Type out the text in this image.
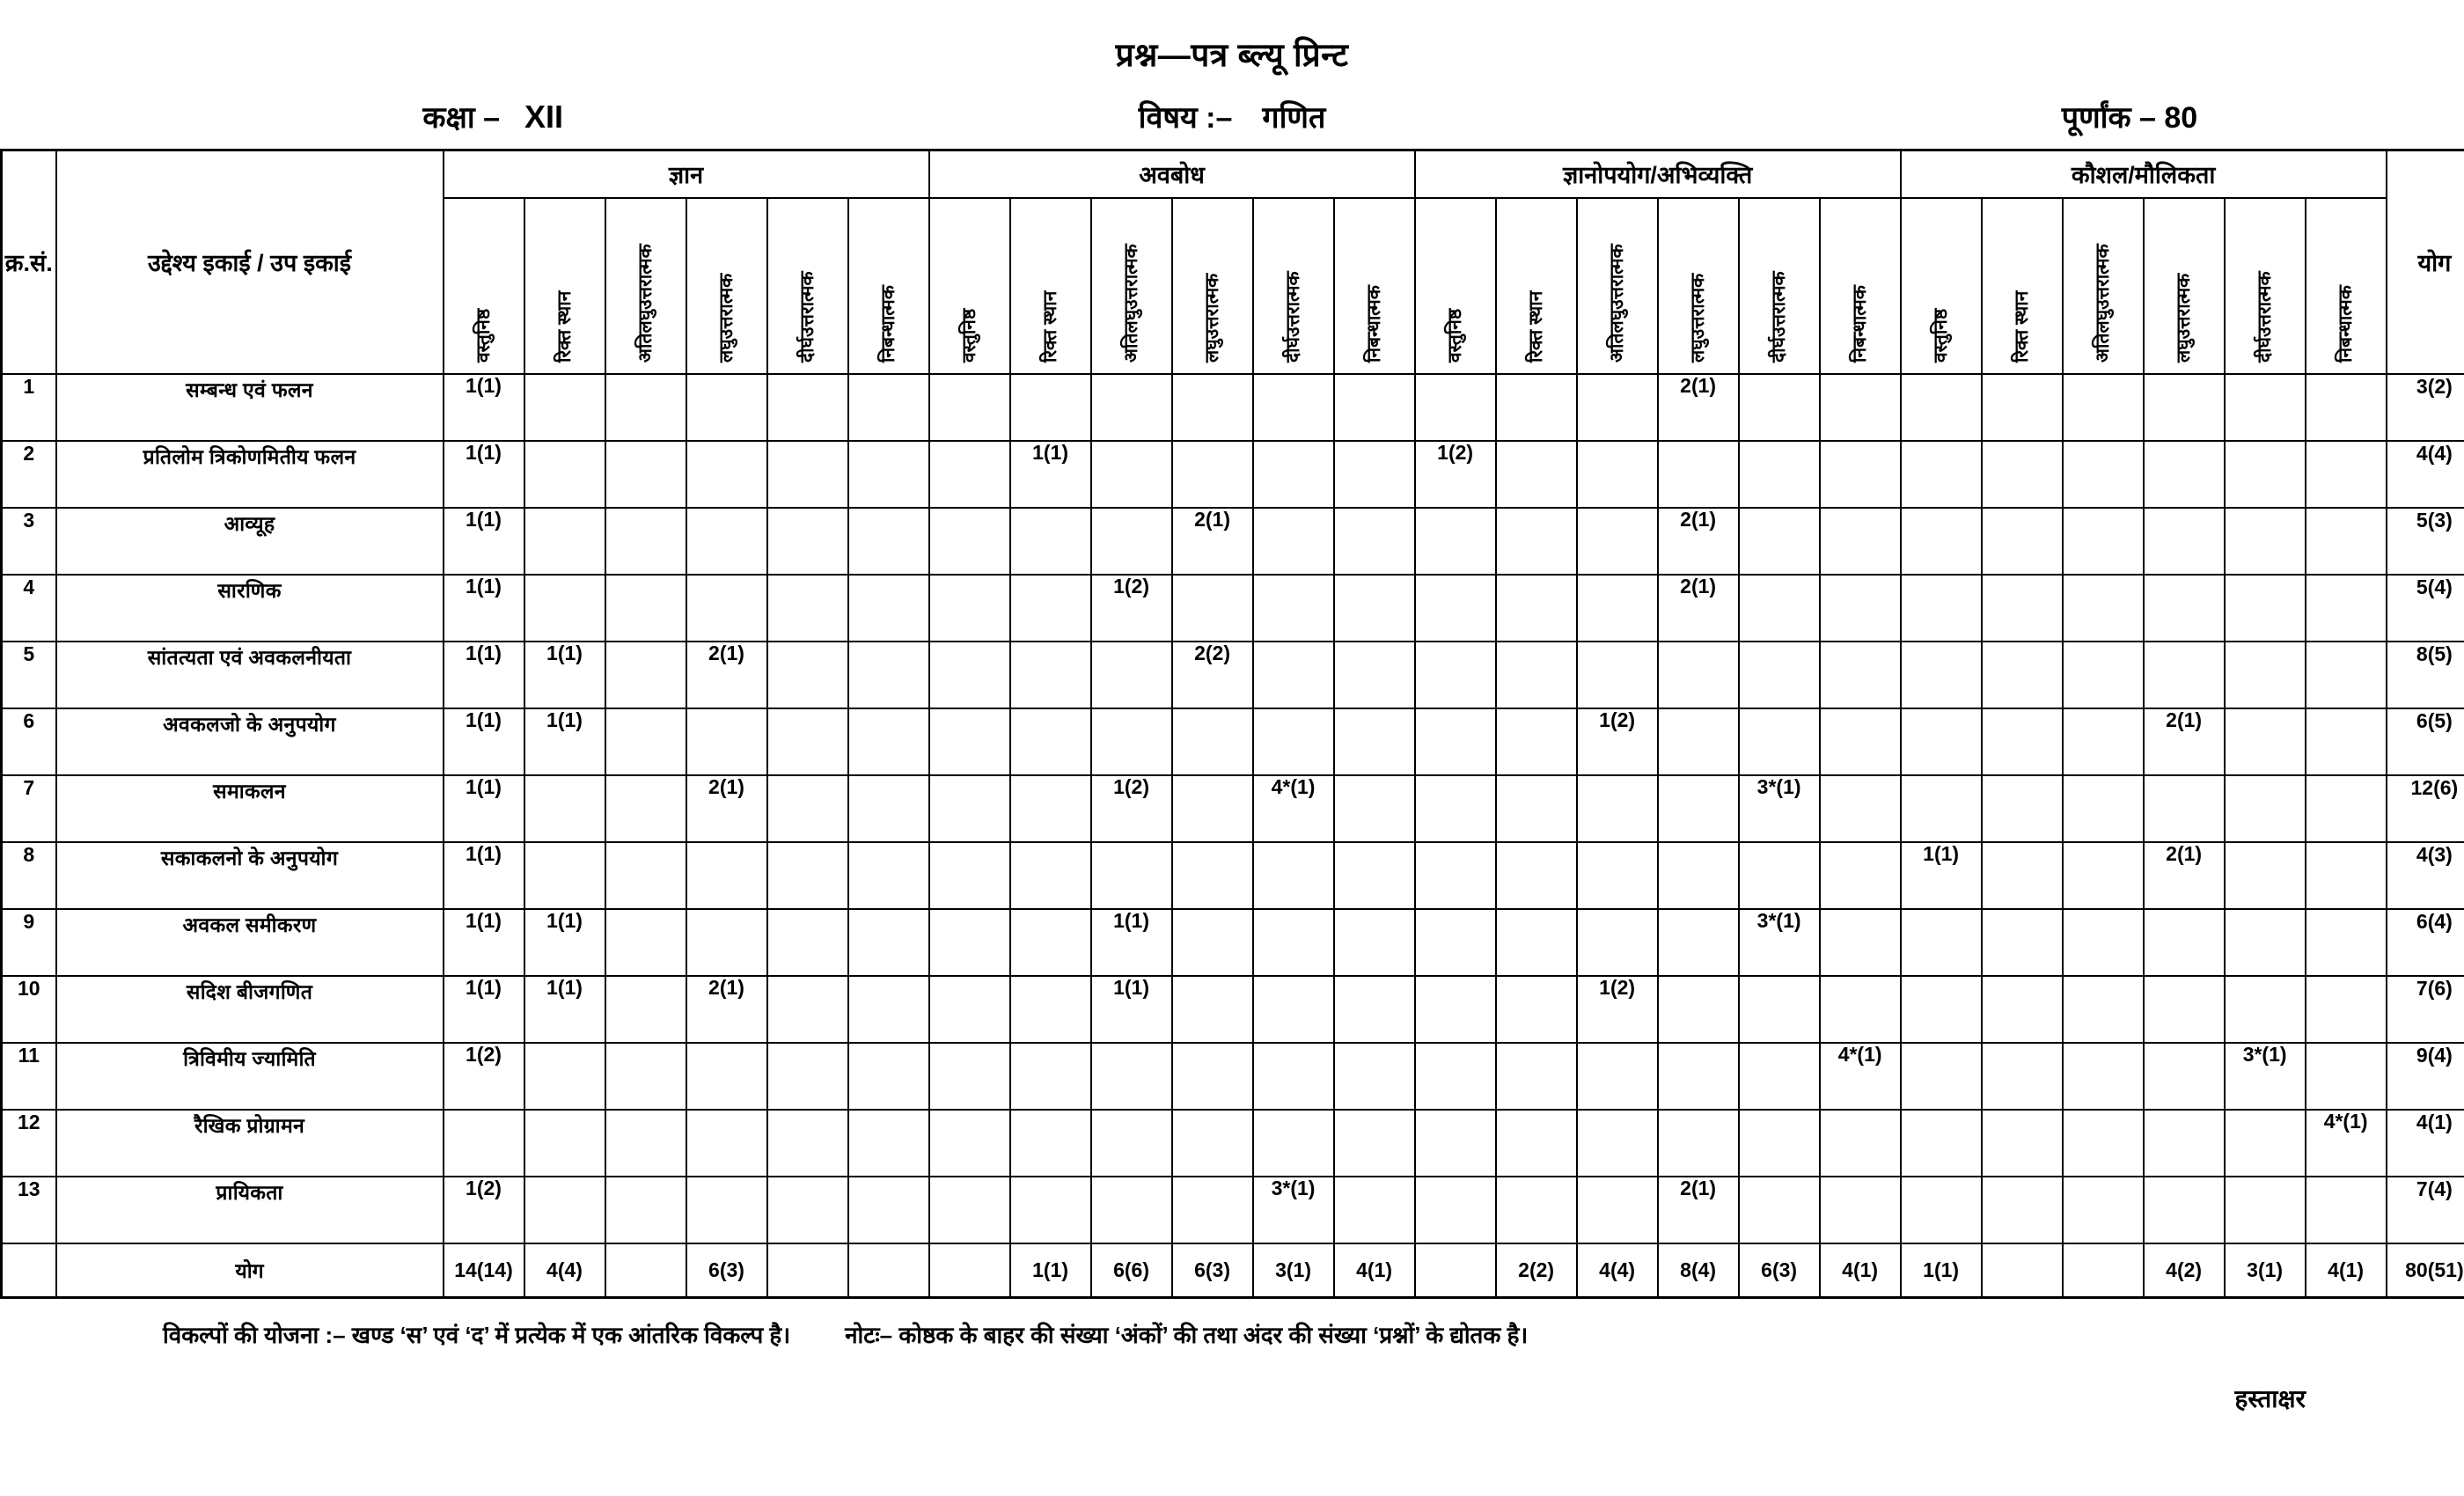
प्रश्न—पत्र ब्ल्यू प्रिन्ट
कक्षा – XII	विषय :– गणित	पूर्णांक – 80
क्र.सं.	उद्देश्य इकाई / उप इकाई	ज्ञान						अवबोध						ज्ञानोपयोग/अभिव्यक्ति						कौशल/मौलिकता						योग
		वस्तुनिष्ठ	रिक्त स्थान	अतिलघुउत्तरात्मक	लघुउत्तरात्मक	दीर्घउत्तरात्मक	निबन्धात्मक	वस्तुनिष्ठ	रिक्त स्थान	अतिलघुउत्तरात्मक	लघुउत्तरात्मक	दीर्घउत्तरात्मक	निबन्धात्मक	वस्तुनिष्ठ	रिक्त स्थान	अतिलघुउत्तरात्मक	लघुउत्तरात्मक	दीर्घउत्तरात्मक	निबन्धात्मक	वस्तुनिष्ठ	रिक्त स्थान	अतिलघुउत्तरात्मक	लघुउत्तरात्मक	दीर्घउत्तरात्मक	निबन्धात्मक	
1	सम्बन्ध एवं फलन	1(1)															2(1)									3(2)
2	प्रतिलोम त्रिकोणमितीय फलन	1(1)							1(1)					1(2)												4(4)
3	आव्यूह	1(1)									2(1)						2(1)									5(3)
4	सारणिक	1(1)								1(2)							2(1)									5(4)
5	सांतत्यता एवं अवकलनीयता	1(1)	1(1)		2(1)						2(2)															8(5)
6	अवकलजो के अनुपयोग	1(1)	1(1)													1(2)							2(1)			6(5)
7	समाकलन	1(1)			2(1)					1(2)		4*(1)						3*(1)								12(6)
8	सकाकलनो के अनुपयोग	1(1)																		1(1)			2(1)			4(3)
9	अवकल समीकरण	1(1)	1(1)							1(1)								3*(1)								6(4)
10	सदिश बीजगणित	1(1)	1(1)		2(1)					1(1)						1(2)										7(6)
11	त्रिविमीय ज्यामिति	1(2)																	4*(1)					3*(1)		9(4)
12	रैखिक प्रोग्रामन																								4*(1)	4(1)
13	प्रायिकता	1(2)										3*(1)					2(1)									7(4)
	योग	14(14)	4(4)		6(3)				1(1)	6(6)	6(3)	3(1)	4(1)		2(2)	4(4)	8(4)	6(3)	4(1)	1(1)			4(2)	3(1)	4(1)	80(51)
विकल्पों की योजना :– खण्ड ‘स’ एवं ‘द’ में प्रत्येक में एक आंतरिक विकल्प है।	नोटः– कोष्ठक के बाहर की संख्या ‘अंकों’ की तथा अंदर की संख्या ‘प्रश्नों’ के द्योतक है।
हस्ताक्षर
